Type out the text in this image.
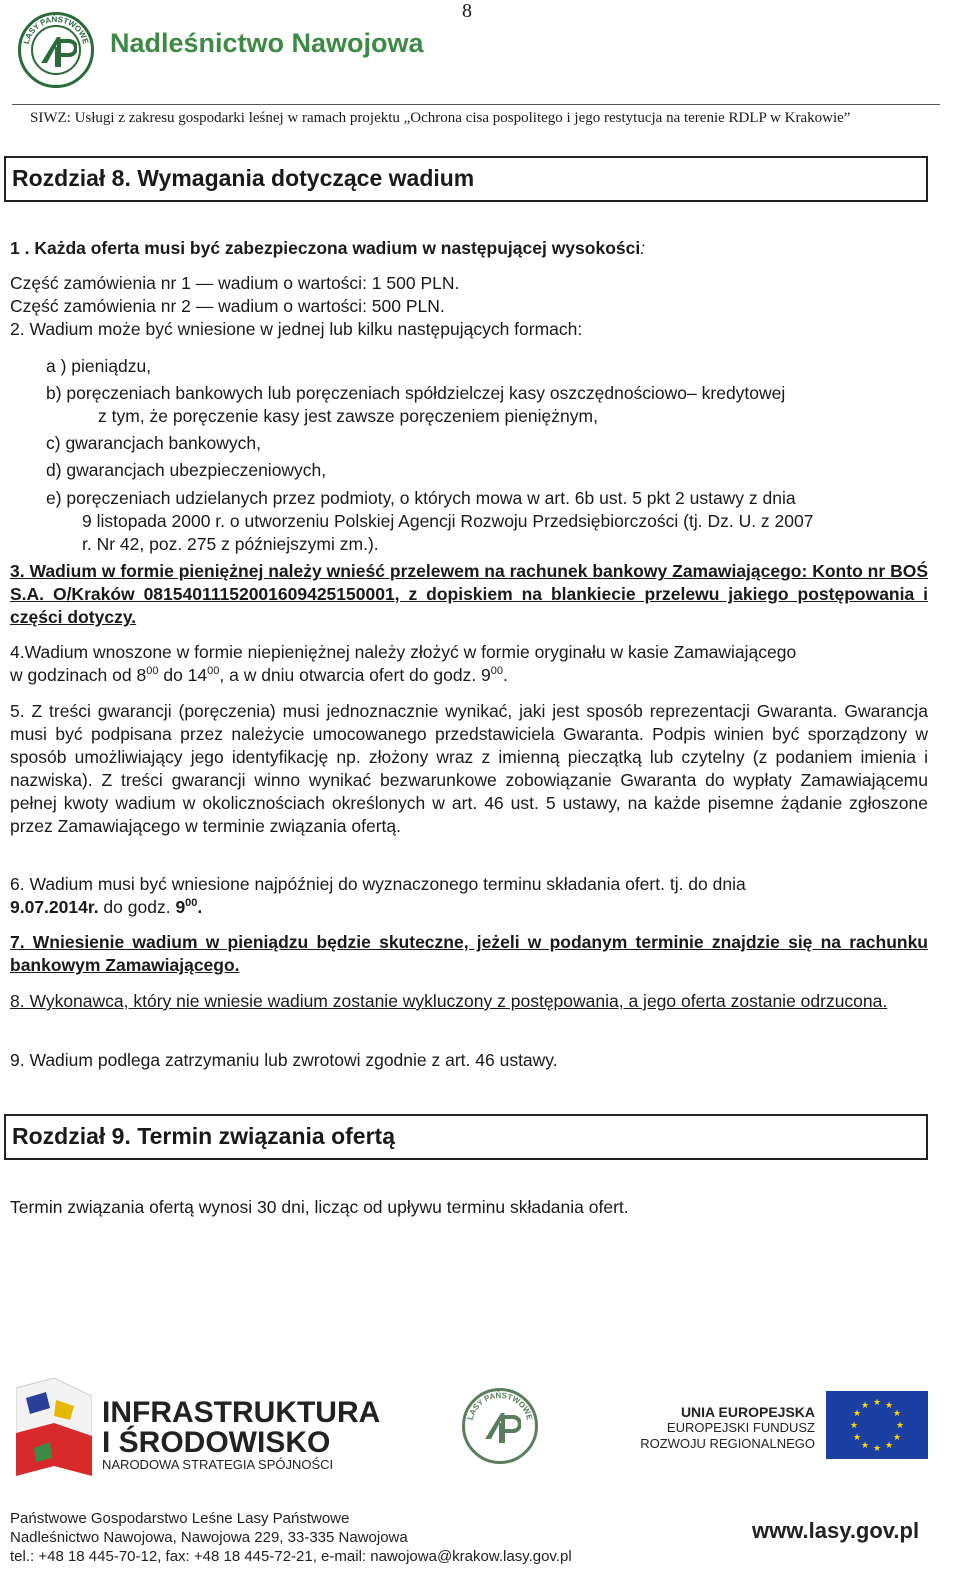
LASY PAŃSTWOWE Nadleśnictwo Nawojowa
8
SIWZ: Usługi z zakresu gospodarki leśnej w ramach projektu „Ochrona cisa pospolitego i jego restytucja na terenie RDLP w Krakowie”
Rozdział 8. Wymagania dotyczące wadium
1 . Każda oferta musi być zabezpieczona wadium w następującej wysokości:
Część zamówienia nr 1 — wadium o wartości: 1 500 PLN.
Część zamówienia nr 2 — wadium o wartości: 500 PLN.
2. Wadium może być wniesione w jednej lub kilku następujących formach:
a ) pieniądzu,
b) poręczeniach bankowych lub poręczeniach spółdzielczej kasy oszczędnościowo– kredytowej
z tym, że poręczenie kasy jest zawsze poręczeniem pieniężnym,
c) gwarancjach bankowych,
d) gwarancjach ubezpieczeniowych,
e) poręczeniach udzielanych przez podmioty, o których mowa w art. 6b ust. 5 pkt 2 ustawy z dnia
9 listopada 2000 r. o utworzeniu Polskiej Agencji Rozwoju Przedsiębiorczości (tj. Dz. U. z 2007
r. Nr 42, poz. 275 z późniejszymi zm.).
3. Wadium w formie pieniężnej należy wnieść przelewem na rachunek bankowy Zamawiającego: Konto nr BOŚ S.A. O/Kraków 08154011152001609425150001, z dopiskiem na blankiecie przelewu jakiego postępowania i części dotyczy.
4.Wadium wnoszone w formie niepieniężnej należy złożyć w formie oryginału w kasie Zamawiającego
w godzinach od $8^{00}$ do $14^{00}$, a w dniu otwarcia ofert do godz. $9^{00}$.
5. Z treści gwarancji (poręczenia) musi jednoznacznie wynikać, jaki jest sposób reprezentacji Gwaranta. Gwarancja musi być podpisana przez należycie umocowanego przedstawiciela Gwaranta. Podpis winien być sporządzony w sposób umożliwiający jego identyfikację np. złożony wraz z imienną pieczątką lub czytelny (z podaniem imienia i nazwiska). Z treści gwarancji winno wynikać bezwarunkowe zobowiązanie Gwaranta do wypłaty Zamawiającemu pełnej kwoty wadium w okolicznościach określonych w art. 46 ust. 5 ustawy, na każde pisemne żądanie zgłoszone przez Zamawiającego w terminie związania ofertą.
6. Wadium musi być wniesione najpóźniej do wyznaczonego terminu składania ofert. tj. do dnia
9.07.2014r. do godz. $9^{00}$.
7. Wniesienie wadium w pieniądzu będzie skuteczne, jeżeli w podanym terminie znajdzie się na rachunku bankowym Zamawiającego.
8. Wykonawca, który nie wniesie wadium zostanie wykluczony z postępowania, a jego oferta zostanie odrzucona.
9. Wadium podlega zatrzymaniu lub zwrotowi zgodnie z art. 46 ustawy.
Rozdział 9. Termin związania ofertą
Termin związania ofertą wynosi 30 dni, licząc od upływu terminu składania ofert.
INFRASTRUKTURA
I ŚRODOWISKO
NARODOWA STRATEGIA SPÓJNOŚCI
LASY PAŃSTWOWE	UNIA EUROPEJSKA
EUROPEJSKI FUNDUSZ
ROZWOJU REGIONALNEGO
★ ★
★
★
★
★
★
★
★
★
★
★
Państwowe Gospodarstwo Leśne Lasy Państwowe
Nadleśnictwo Nawojowa, Nawojowa 229, 33-335 Nawojowa
tel.: +48 18 445-70-12, fax: +48 18 445-72-21, e-mail: nawojowa@krakow.lasy.gov.pl
www.lasy.gov.pl
